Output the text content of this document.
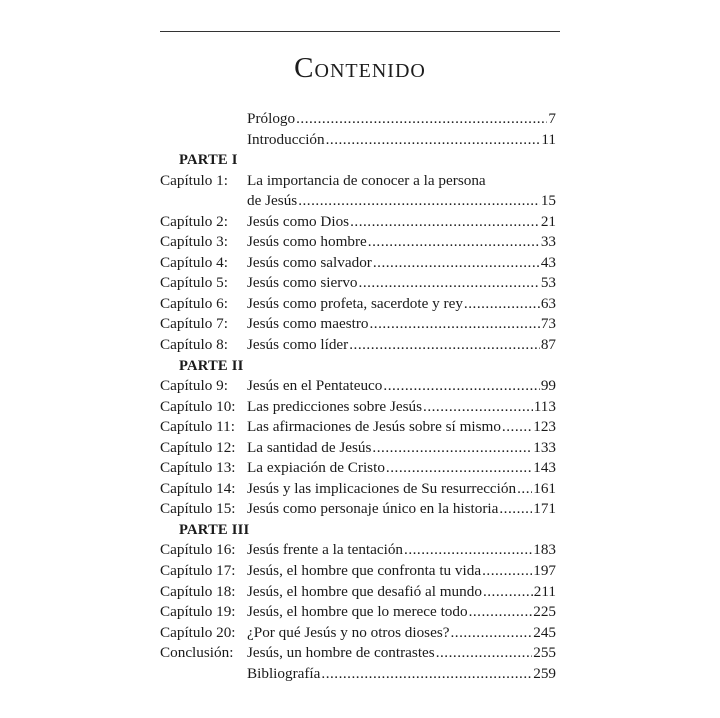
Contenido
Prólogo .....	7
Introducción .....	11
PARTE I
Capítulo 1: La importancia de conocer a la persona
de Jesús .....	15
Capítulo 2: Jesús como Dios .....	21
Capítulo 3: Jesús como hombre .....	33
Capítulo 4: Jesús como salvador .....	43
Capítulo 5: Jesús como siervo .....	53
Capítulo 6: Jesús como profeta, sacerdote y rey .....	63
Capítulo 7: Jesús como maestro .....	73
Capítulo 8: Jesús como líder .....	87
PARTE II
Capítulo 9: Jesús en el Pentateuco .....	99
Capítulo 10: Las predicciones sobre Jesús .....	113
Capítulo 11: Las afirmaciones de Jesús sobre sí mismo ..... 123
Capítulo 12: La santidad de Jesús .....	133
Capítulo 13: La expiación de Cristo .....	143
Capítulo 14: Jesús y las implicaciones de Su resurrección ..... 161
Capítulo 15: Jesús como personaje único en la historia ..... 171
PARTE III
Capítulo 16: Jesús frente a la tentación .....	183
Capítulo 17: Jesús, el hombre que confronta tu vida .....	197
Capítulo 18: Jesús, el hombre que desafió al mundo .....	211
Capítulo 19: Jesús, el hombre que lo merece todo .....	225
Capítulo 20: ¿Por qué Jesús y no otros dioses? .....	245
Conclusión: Jesús, un hombre de contrastes .....	255
Bibliografía .....	259
